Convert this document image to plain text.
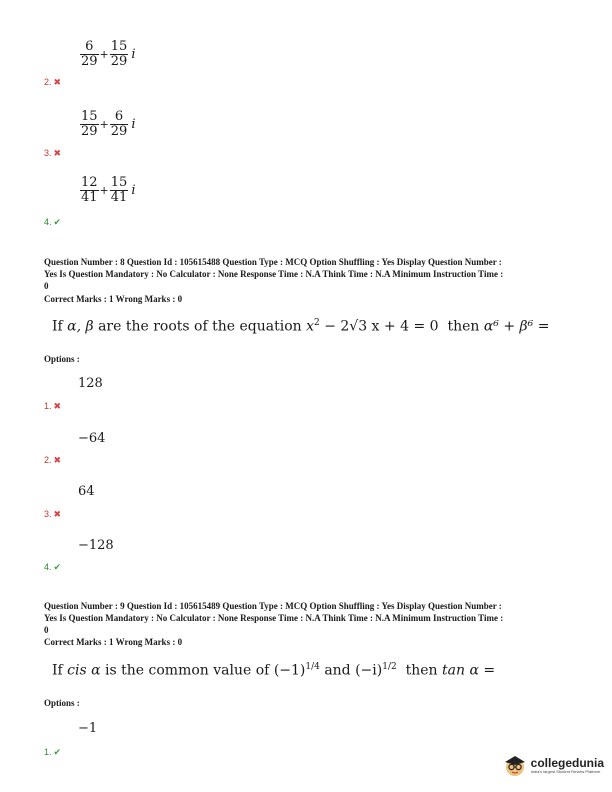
$\frac{6}{29} + \frac{15}{29}$ i
2. ✖
$\frac{15}{29} + \frac{6}{29}$ i
3. ✖
$\frac{12}{41} + \frac{15}{41}$ i
4. ✔
Question Number : 8 Question Id : 105615488 Question Type : MCQ Option Shuffling : Yes Display Question Number :
Yes Is Question Mandatory : No Calculator : None Response Time : N.A Think Time : N.A Minimum Instruction Time :
0
Correct Marks : 1 Wrong Marks : 0
If α, β are the roots of the equation $x^2 - 2√3$ x + 4 = 0 then α⁶ + β⁶ =
Options :
128
1. ✖
−64
2. ✖
64
3. ✖
−128
4. ✔
Question Number : 9 Question Id : 105615489 Question Type : MCQ Option Shuffling : Yes Display Question Number :
Yes Is Question Mandatory : No Calculator : None Response Time : N.A Think Time : N.A Minimum Instruction Time :
0
Correct Marks : 1 Wrong Marks : 0
If cis α is the common value of $(-1)^{1/4}$ and $(-i)^{1/2}$ then tan α =
Options :
−1
1. ✔
collegedunia
India's largest Student Review Platform
